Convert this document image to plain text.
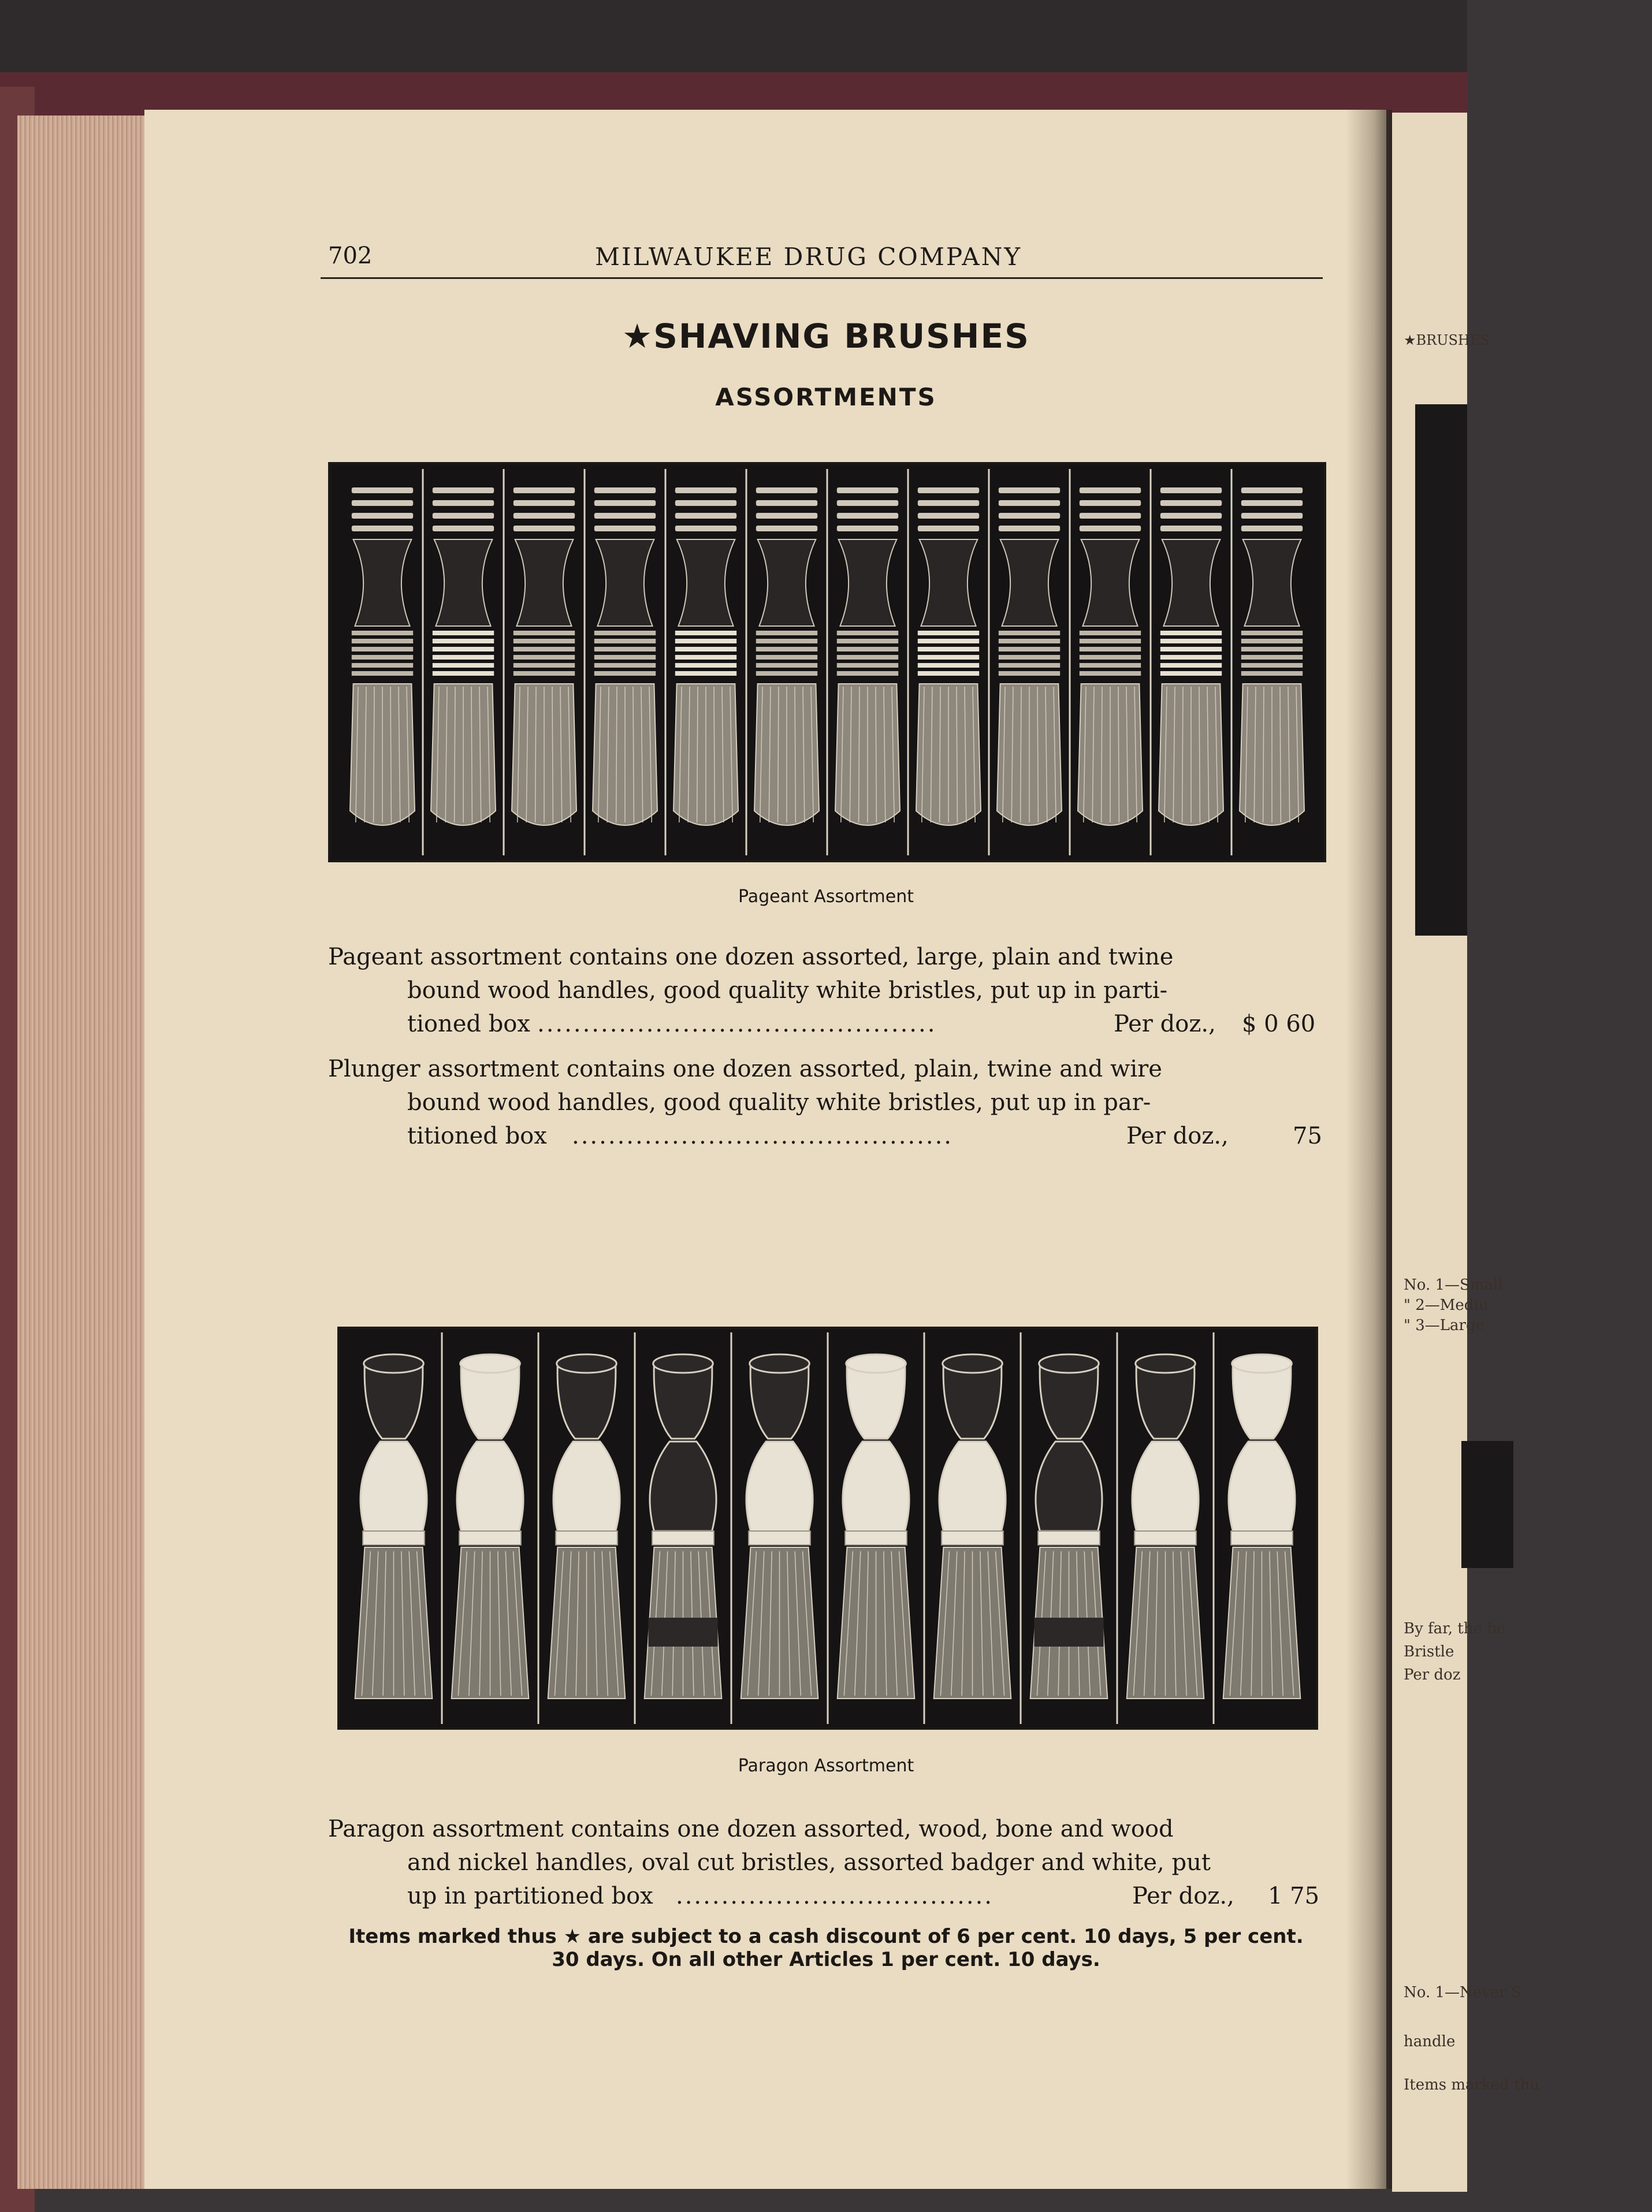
★BRUSHES
No. 1—Small
" 2—Mediu
" 3—Large
By far, the be
Bristle
Per doz
No. 1—Never S
handle
Items marked thu
702	MILWAUKEE DRUG COMPANY
★SHAVING BRUSHES
ASSORTMENTS
Pageant Assortment
Pageant assortment contains one dozen assorted, large, plain and twine
bound wood handles, good quality white bristles, put up in parti-
tioned box ............................................	Per doz., $ 0 60
Plunger assortment contains one dozen assorted, plain, twine and wire
bound wood handles, good quality white bristles, put up in par-
titioned box ..........................................	Per doz.,	75
Paragon Assortment
Paragon assortment contains one dozen assorted, wood, bone and wood
and nickel handles, oval cut bristles, assorted badger and white, put
up in partitioned box ...................................	Per doz., 1 75
Items marked thus ★ are subject to a cash discount of 6 per cent. 10 days, 5 per cent.
30 days. On all other Articles 1 per cent. 10 days.
